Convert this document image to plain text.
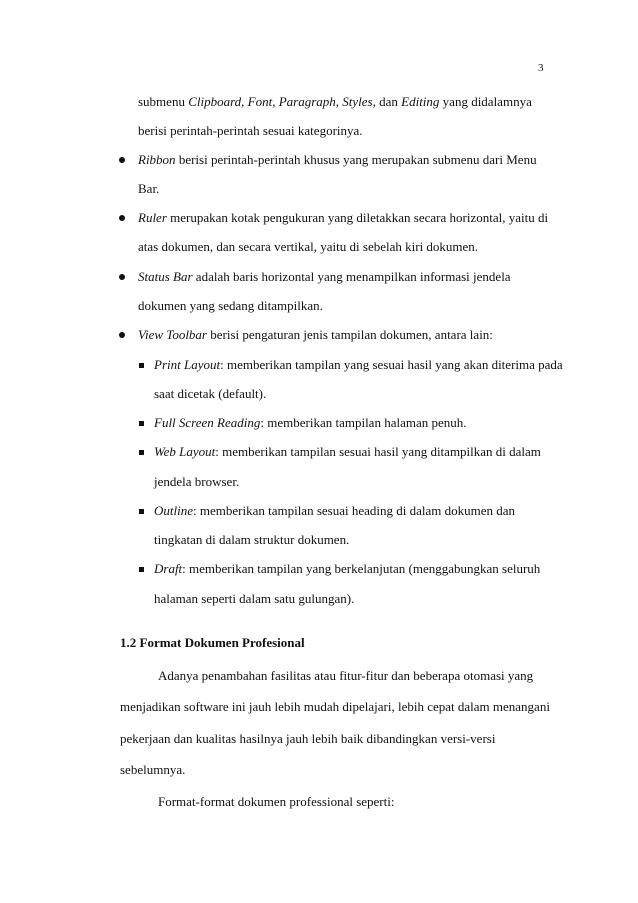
3
submenu Clipboard, Font, Paragraph, Styles, dan Editing yang didalamnya
berisi perintah-perintah sesuai kategorinya.
Ribbon berisi perintah-perintah khusus yang merupakan submenu dari Menu
Bar.
Ruler merupakan kotak pengukuran yang diletakkan secara horizontal, yaitu di
atas dokumen, dan secara vertikal, yaitu di sebelah kiri dokumen.
Status Bar adalah baris horizontal yang menampilkan informasi jendela
dokumen yang sedang ditampilkan.
View Toolbar berisi pengaturan jenis tampilan dokumen, antara lain:
Print Layout: memberikan tampilan yang sesuai hasil yang akan diterima pada
saat dicetak (default).
Full Screen Reading: memberikan tampilan halaman penuh.
Web Layout: memberikan tampilan sesuai hasil yang ditampilkan di dalam
jendela browser.
Outline: memberikan tampilan sesuai heading di dalam dokumen dan
tingkatan di dalam struktur dokumen.
Draft: memberikan tampilan yang berkelanjutan (menggabungkan seluruh
halaman seperti dalam satu gulungan).
1.2 Format Dokumen Profesional
Adanya penambahan fasilitas atau fitur-fitur dan beberapa otomasi yang
menjadikan software ini jauh lebih mudah dipelajari, lebih cepat dalam menangani
pekerjaan dan kualitas hasilnya jauh lebih baik dibandingkan versi-versi
sebelumnya.
Format-format dokumen professional seperti:
